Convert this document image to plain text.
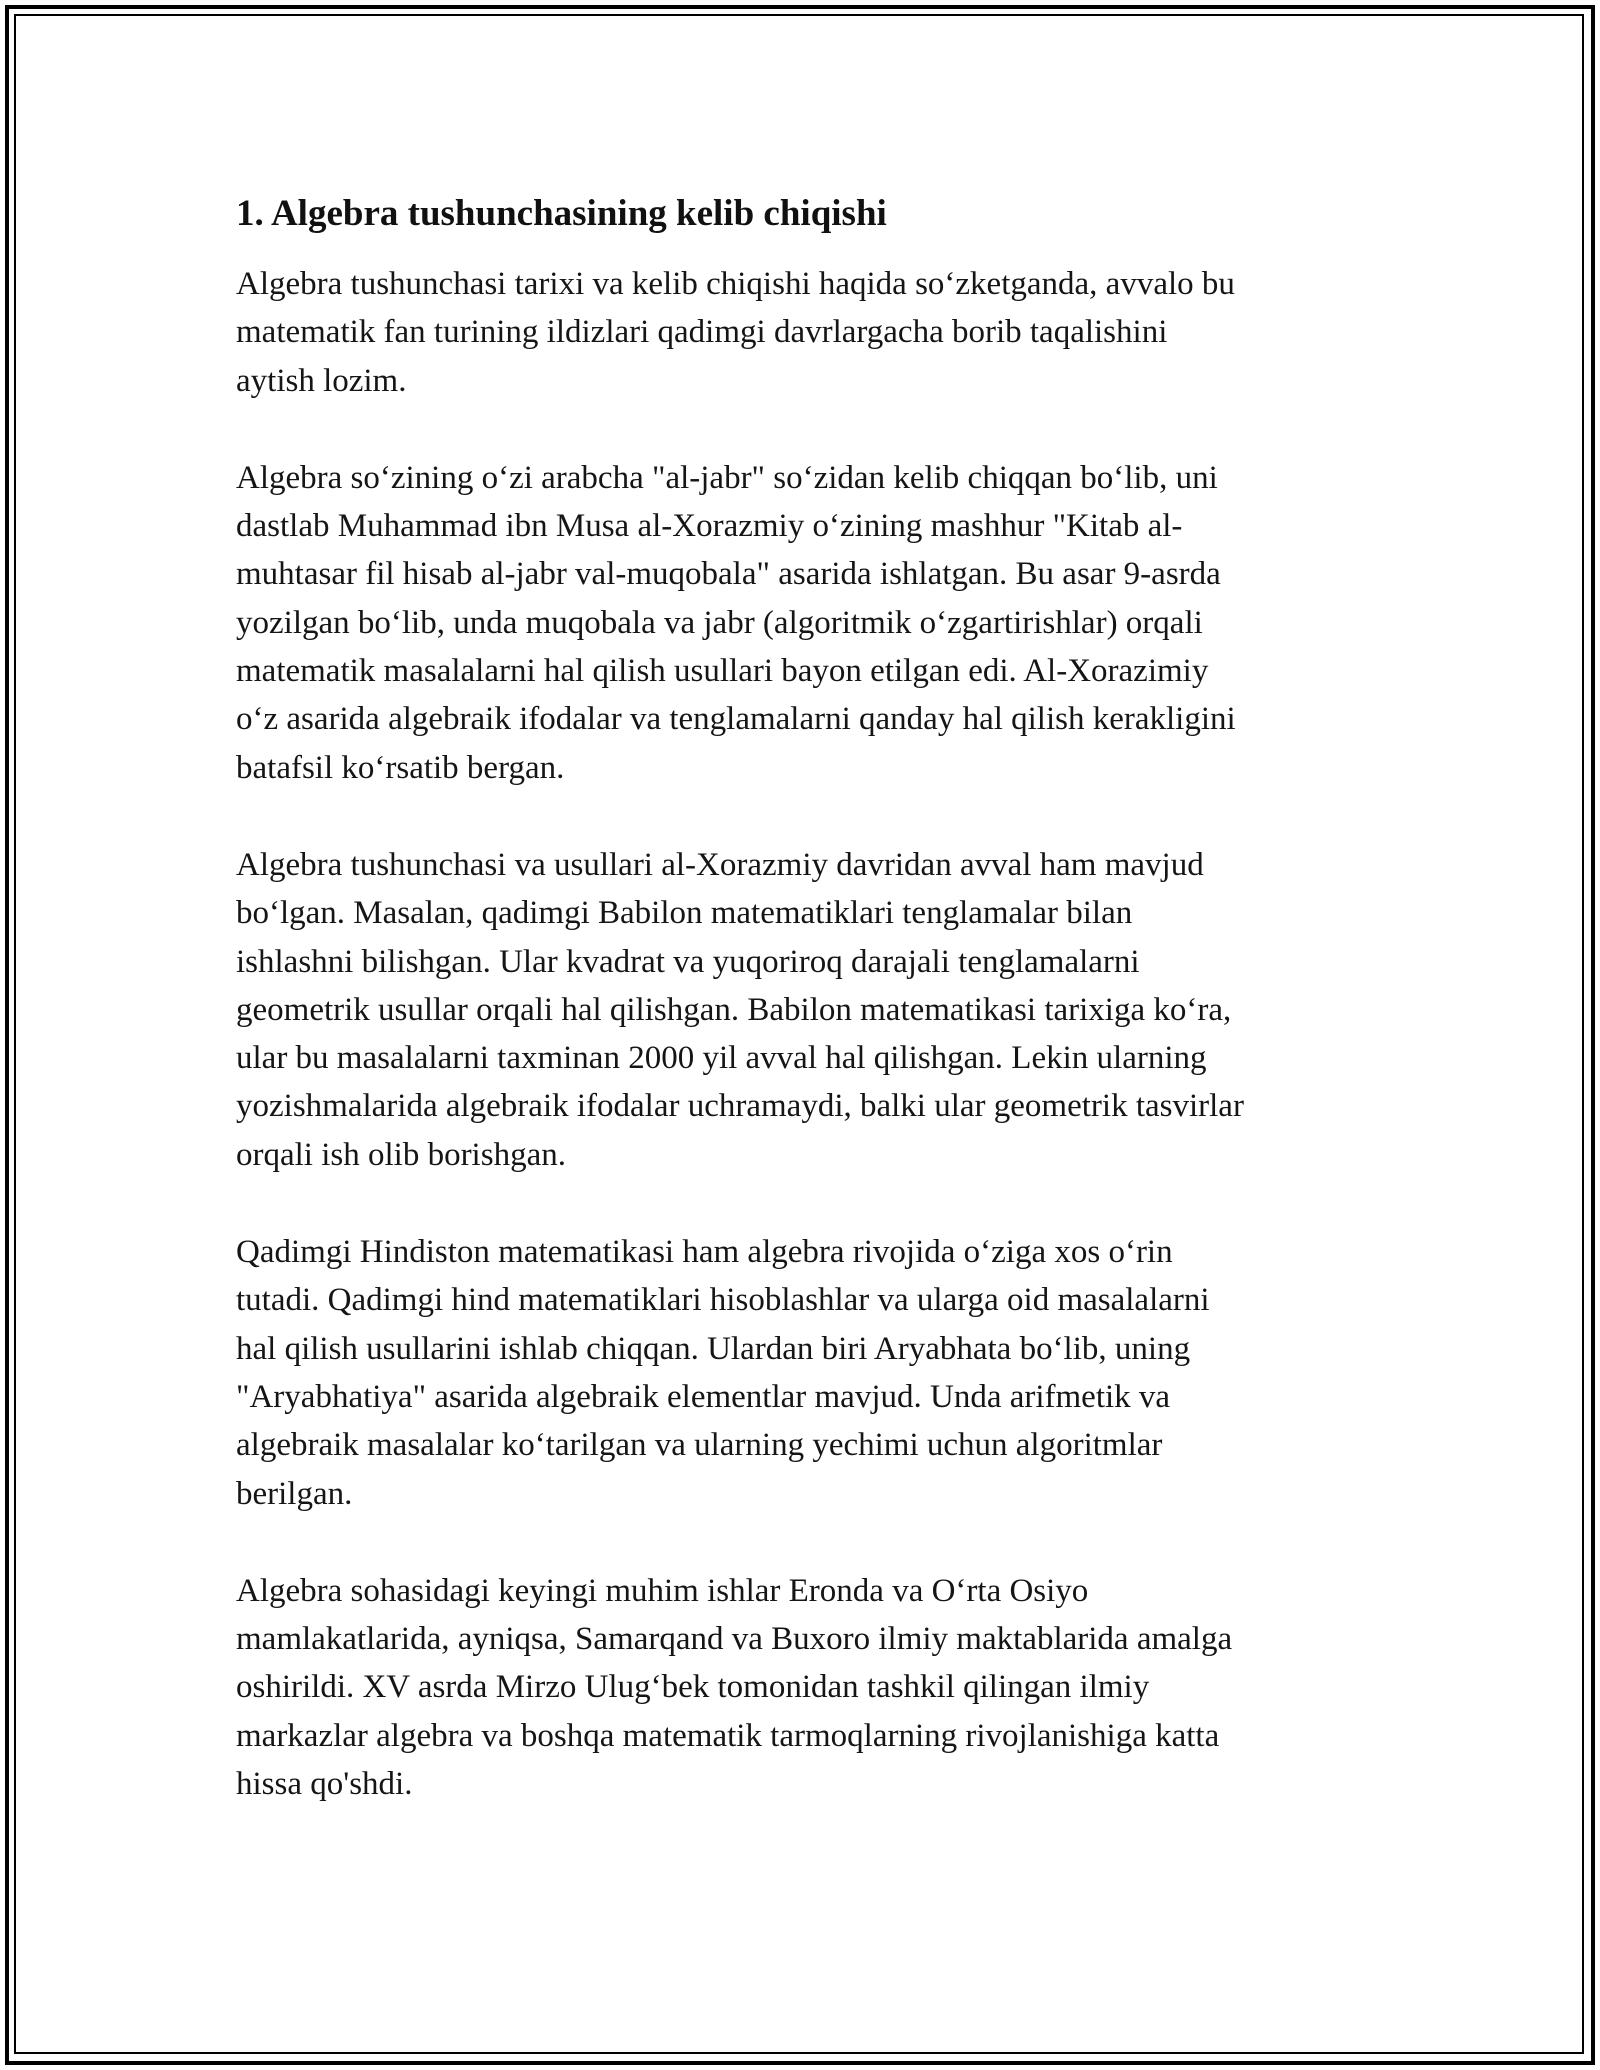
1. Algebra tushunchasining kelib chiqishi

Algebra tushunchasi tarixi va kelib chiqishi haqida so‘zketganda, avvalo bu
matematik fan turining ildizlari qadimgi davrlargacha borib taqalishini
aytish lozim.

Algebra so‘zining o‘zi arabcha "al-jabr" so‘zidan kelib chiqqan bo‘lib, uni
dastlab Muhammad ibn Musa al-Xorazmiy o‘zining mashhur "Kitab al-
muhtasar fil hisab al-jabr val-muqobala" asarida ishlatgan. Bu asar 9-asrda
yozilgan bo‘lib, unda muqobala va jabr (algoritmik o‘zgartirishlar) orqali
matematik masalalarni hal qilish usullari bayon etilgan edi. Al-Xorazimiy
o‘z asarida algebraik ifodalar va tenglamalarni qanday hal qilish kerakligini
batafsil ko‘rsatib bergan.

Algebra tushunchasi va usullari al-Xorazmiy davridan avval ham mavjud
bo‘lgan. Masalan, qadimgi Babilon matematiklari tenglamalar bilan
ishlashni bilishgan. Ular kvadrat va yuqoriroq darajali tenglamalarni
geometrik usullar orqali hal qilishgan. Babilon matematikasi tarixiga ko‘ra,
ular bu masalalarni taxminan 2000 yil avval hal qilishgan. Lekin ularning
yozishmalarida algebraik ifodalar uchramaydi, balki ular geometrik tasvirlar
orqali ish olib borishgan.

Qadimgi Hindiston matematikasi ham algebra rivojida o‘ziga xos o‘rin
tutadi. Qadimgi hind matematiklari hisoblashlar va ularga oid masalalarni
hal qilish usullarini ishlab chiqqan. Ulardan biri Aryabhata bo‘lib, uning
"Aryabhatiya" asarida algebraik elementlar mavjud. Unda arifmetik va
algebraik masalalar ko‘tarilgan va ularning yechimi uchun algoritmlar
berilgan.

Algebra sohasidagi keyingi muhim ishlar Eronda va O‘rta Osiyo
mamlakatlarida, ayniqsa, Samarqand va Buxoro ilmiy maktablarida amalga
oshirildi. XV asrda Mirzo Ulug‘bek tomonidan tashkil qilingan ilmiy
markazlar algebra va boshqa matematik tarmoqlarning rivojlanishiga katta
hissa qo'shdi.
